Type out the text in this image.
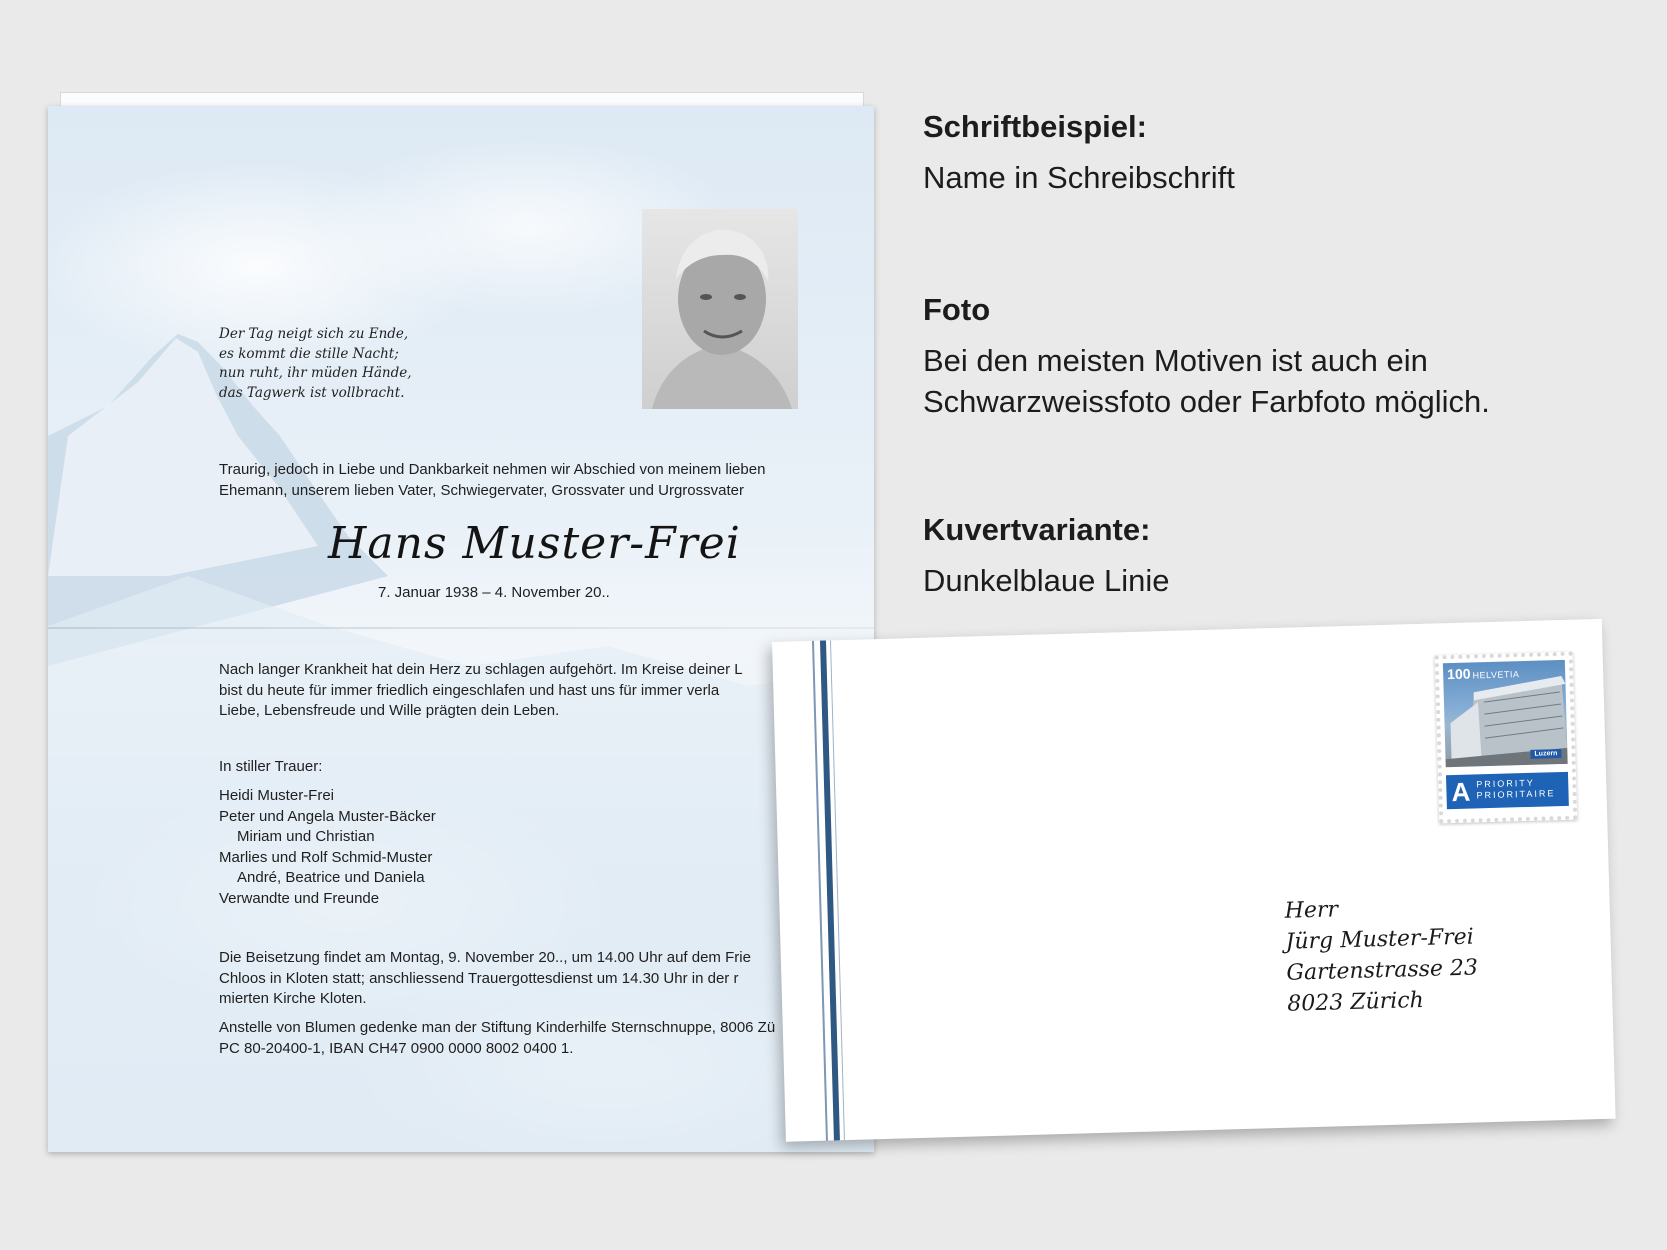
Der Tag neigt sich zu Ende,
es kommt die stille Nacht;
nun ruht, ihr müden Hände,
das Tagwerk ist vollbracht.
Traurig, jedoch in Liebe und Dankbarkeit nehmen wir Abschied von meinem lieben
Ehemann, unserem lieben Vater, Schwiegervater, Grossvater und Urgrossvater
Hans Muster-Frei
7. Januar 1938 – 4. November 20..
Nach langer Krankheit hat dein Herz zu schlagen aufgehört. Im Kreise deiner L
bist du heute für immer friedlich eingeschlafen und hast uns für immer verla
Liebe, Lebensfreude und Wille prägten dein Leben.
In stiller Trauer:
Heidi Muster-Frei
Peter und Angela Muster-Bäcker
Miriam und Christian
Marlies und Rolf Schmid-Muster
André, Beatrice und Daniela
Verwandte und Freunde
Die Beisetzung findet am Montag, 9. November 20.., um 14.00 Uhr auf dem Frie
Chloos in Kloten statt; anschliessend Trauergottesdienst um 14.30 Uhr in der r
mierten Kirche Kloten.
Anstelle von Blumen gedenke man der Stiftung Kinderhilfe Sternschnuppe, 8006 Zü
PC 80-20400-1, IBAN CH47 0900 0000 8002 0400 1.
Schriftbeispiel:
Name in Schreibschrift
Foto
Bei den meisten Motiven ist auch ein
Schwarzweissfoto oder Farbfoto möglich.
Kuvertvariante:
Dunkelblaue Linie
100 HELVETIA
Luzern
A PRIORITY
PRIORITAIRE
Herr
Jürg Muster-Frei
Gartenstrasse 23
8023 Zürich
